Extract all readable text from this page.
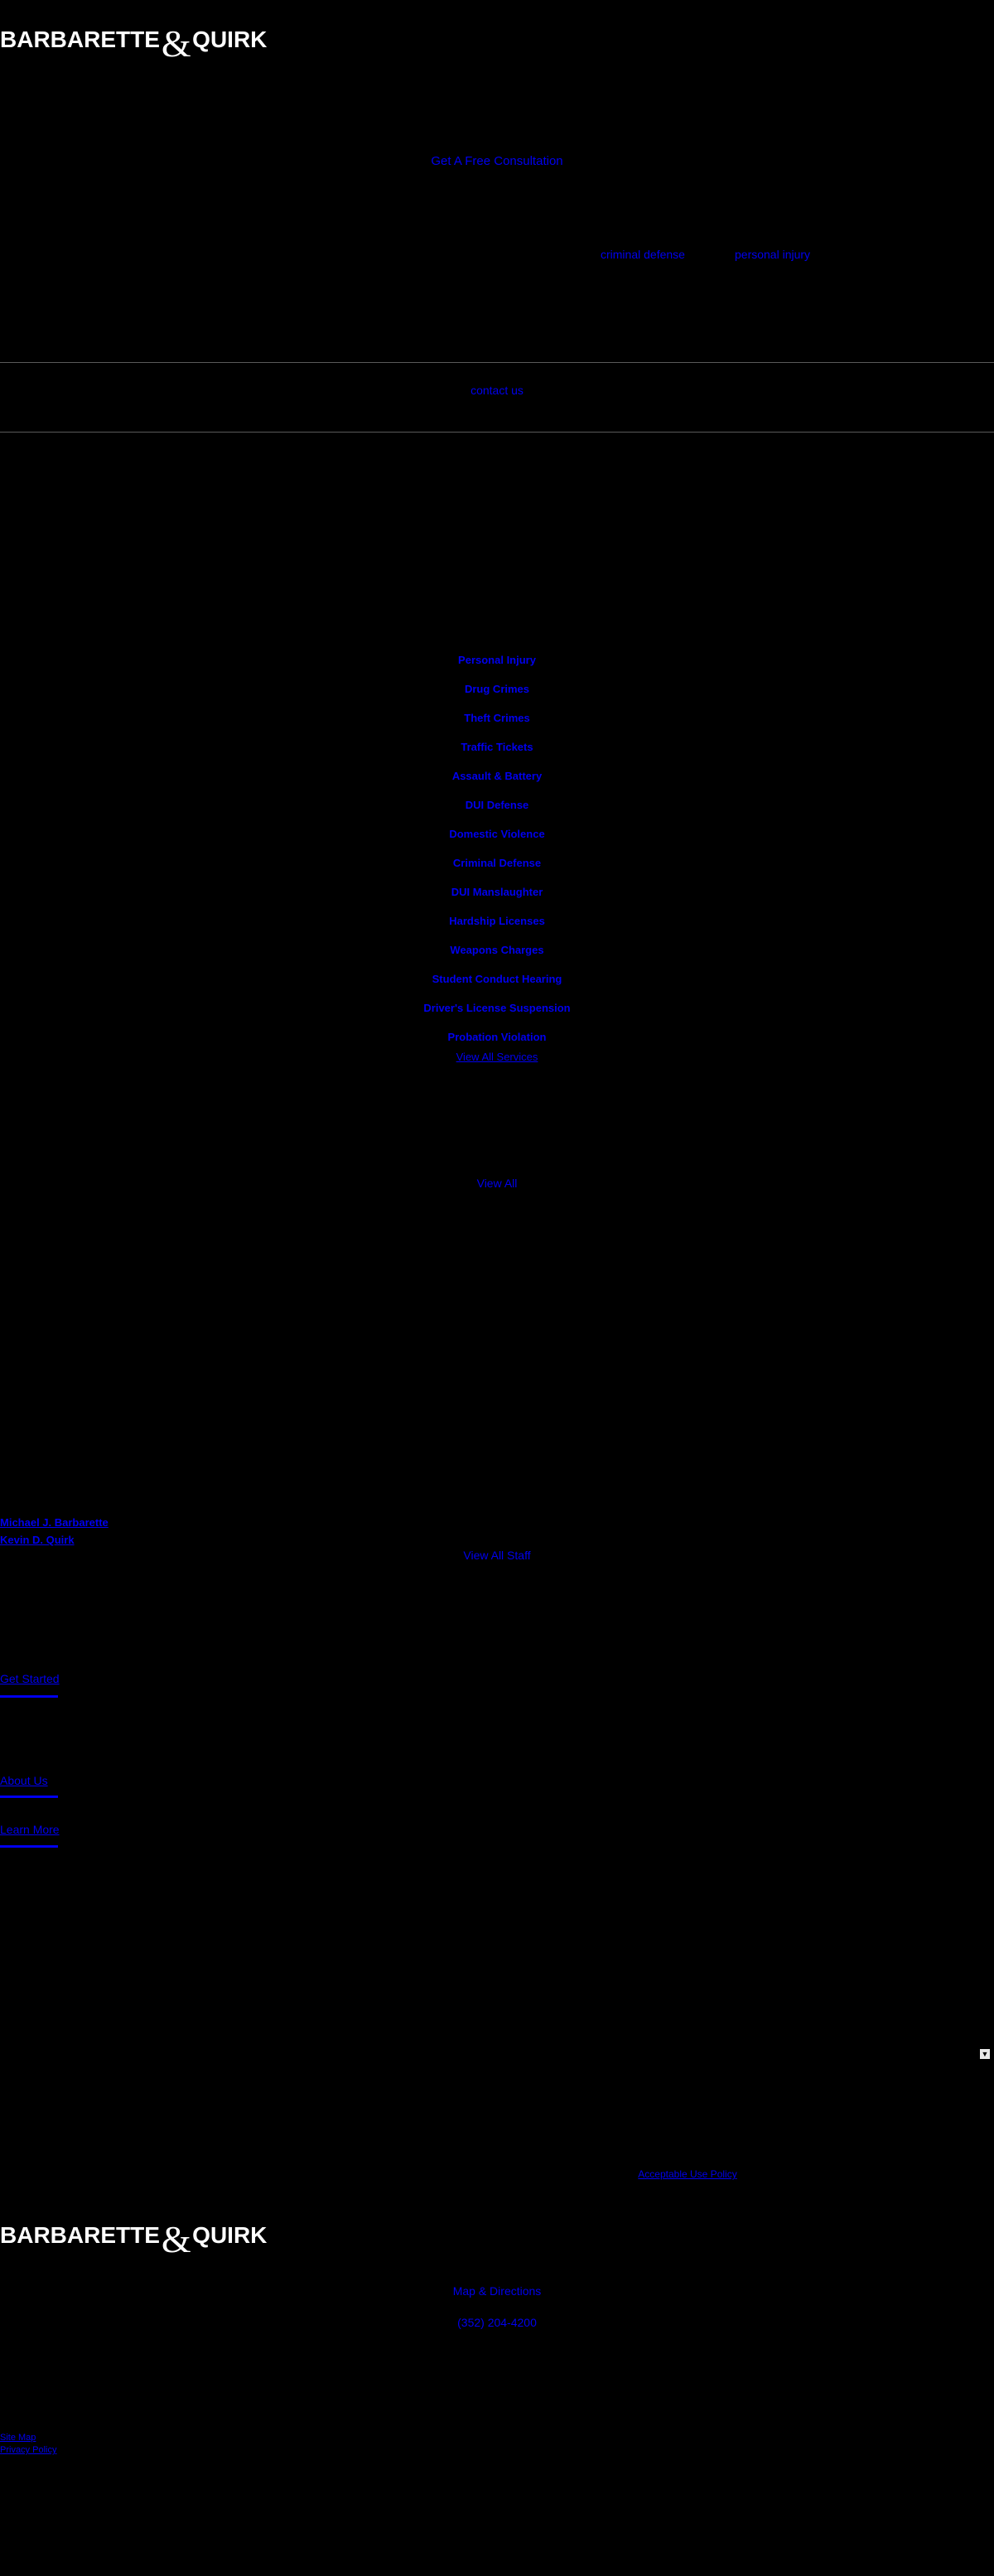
BARBARETTE & QUIRK
Get A Free Consultation
criminal defense	personal injury
contact us
Personal Injury
Drug Crimes
Theft Crimes
Traffic Tickets
Assault & Battery
DUI Defense
Domestic Violence
Criminal Defense
DUI Manslaughter
Hardship Licenses
Weapons Charges
Student Conduct Hearing
Driver's License Suspension
Probation Violation
View All Services
View All
Michael J. Barbarette
Kevin D. Quirk
View All Staff
Get Started
About Us
Learn More
▼
Acceptable Use Policy
BARBARETTE & QUIRK
Map & Directions
(352) 204-4200
Site Map
Privacy Policy
